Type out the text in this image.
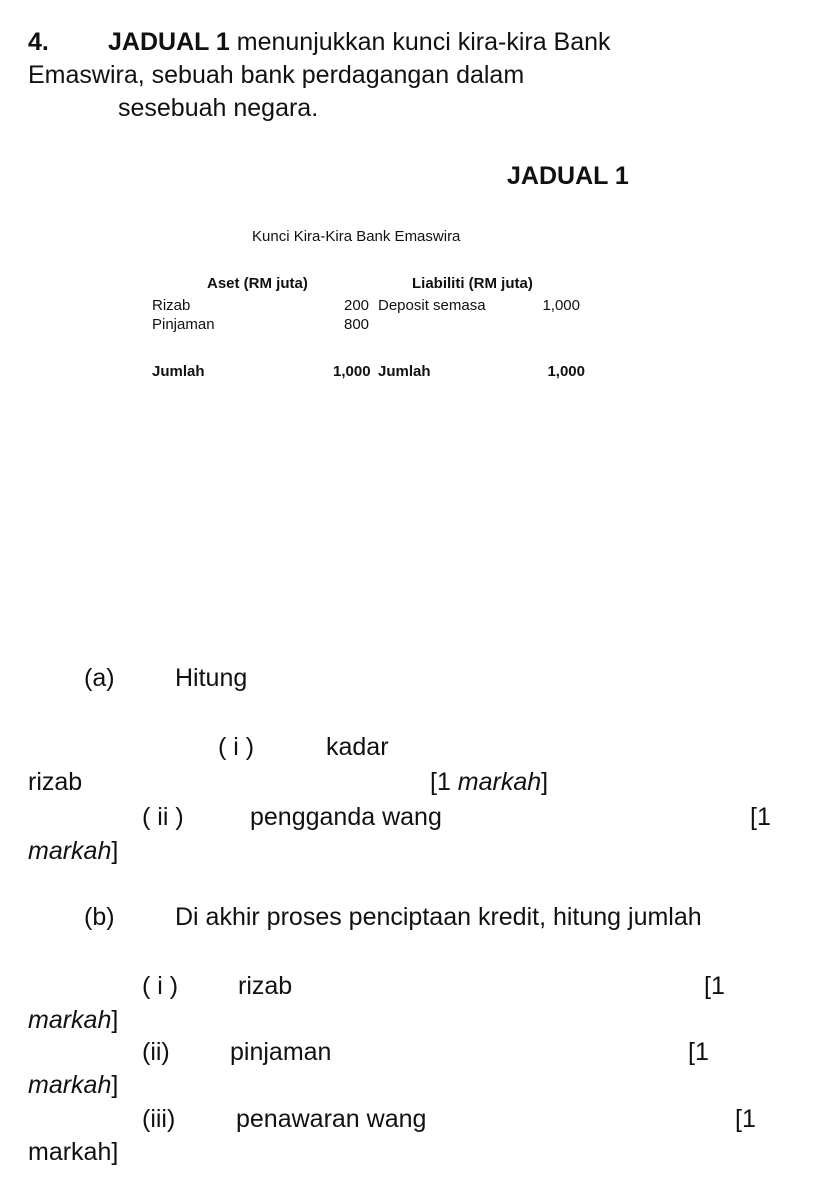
4. JADUAL 1 menunjukkan kunci kira-kira Bank
Emaswira, sebuah bank perdagangan dalam
sesebuah negara.
JADUAL 1
Kunci Kira-Kira Bank Emaswira
Aset (RM juta)	Liabiliti (RM juta)
Rizab	200 Deposit semasa	1,000
Pinjaman	800
Jumlah	1,000 Jumlah	1,000
(a) Hitung
( i )	kadar
rizab	[1 markah]
( ii )	pengganda wang	[1
markah]
(b) Di akhir proses penciptaan kredit, hitung jumlah
( i ) rizab	[1
markah]
(ii) pinjaman	[1
markah]
(iii) penawaran wang	[1
markah]
